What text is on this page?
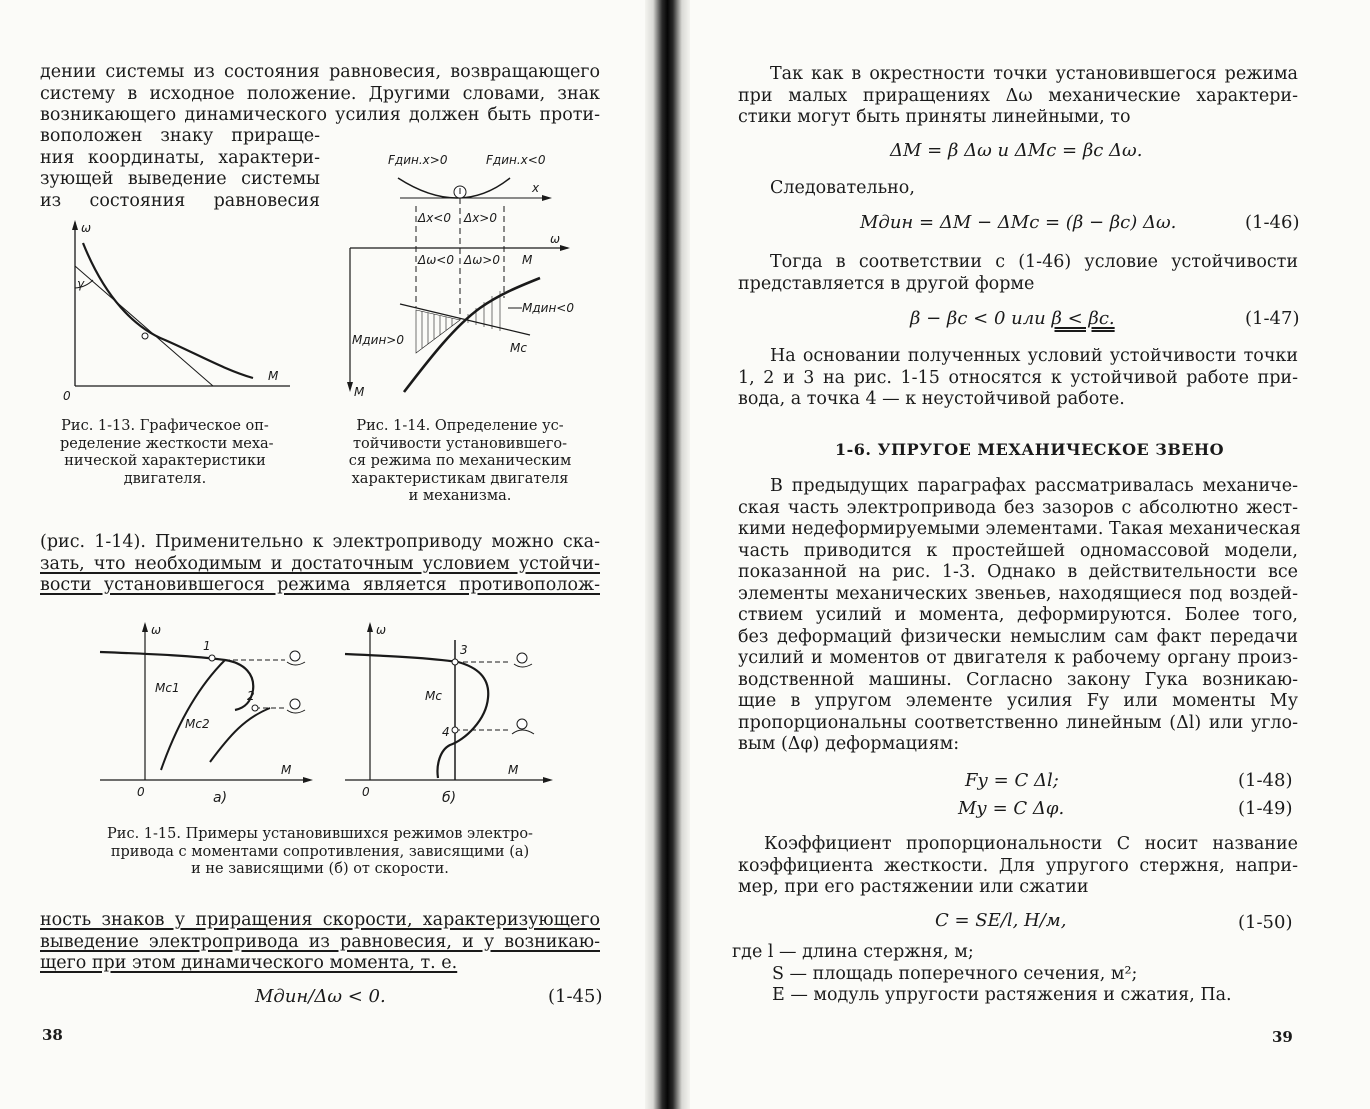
дении системы из состояния равновесия, возвращающего
систему в исходное положение. Другими словами, знак
возникающего динамического усилия должен быть проти-
воположен знаку прираще-
ния координаты, характери-
зующей выведение системы
из состояния равновесия
ω
M
0
γ
Рис. 1-13. Графическое оп-
ределение жесткости меха-
нической характеристики
двигателя.
Fдин.x>0	Fдин.x<0
x
Δx<0 Δx>0
ω
M
Δω<0 Δω>0 M
Mдин<0
Mдин>0
Mс
Рис. 1-14. Определение ус-
тойчивости установившего-
ся режима по механическим
характеристикам двигателя
и механизма.
(рис. 1-14). Применительно к электроприводу можно ска-
зать, что необходимым и достаточным условием устойчи-
вости установившегося режима является противополож-
ω
M
0
1
2
Mс1
Mс2
а)
ω
M
0
3
4
Mс
б)
Рис. 1-15. Примеры установившихся режимов электро-
привода с моментами сопротивления, зависящими (а)
и не зависящими (б) от скорости.
ность знаков у приращения скорости, характеризующего
выведение электропривода из равновесия, и у возникаю-
щего при этом динамического момента, т. е.
Mдин/Δω < 0.	(1-45)
38
Так как в окрестности точки установившегося режима
при малых приращениях Δω механические характери-
стики могут быть приняты линейными, то
ΔM = β Δω и ΔMс = βс Δω.
Следовательно,
Mдин = ΔM − ΔMс = (β − βс) Δω.	(1-46)
Тогда в соответствии с (1-46) условие устойчивости
представляется в другой форме
β − βс < 0 или β < βс.	(1-47)
На основании полученных условий устойчивости точки
1, 2 и 3 на рис. 1-15 относятся к устойчивой работе при-
вода, а точка 4 — к неустойчивой работе.
1-6. УПРУГОЕ МЕХАНИЧЕСКОЕ ЗВЕНО
В предыдущих параграфах рассматривалась механиче-
ская часть электропривода без зазоров с абсолютно жест-
кими недеформируемыми элементами. Такая механическая
часть приводится к простейшей одномассовой модели,
показанной на рис. 1-3. Однако в действительности все
элементы механических звеньев, находящиеся под воздей-
ствием усилий и момента, деформируются. Более того,
без деформаций физически немыслим сам факт передачи
усилий и моментов от двигателя к рабочему органу произ-
водственной машины. Согласно закону Гука возникаю-
щие в упругом элементе усилия Fу или моменты Mу
пропорциональны соответственно линейным (Δl) или угло-
вым (Δφ) деформациям:
Fу = C Δl;	(1-48)
Mу = C Δφ.	(1-49)
Коэффициент пропорциональности C носит название
коэффициента жесткости. Для упругого стержня, напри-
мер, при его растяжении или сжатии
C = SE/l, Н/м,	(1-50)
где l — длина стержня, м;
S — площадь поперечного сечения, м²;
E — модуль упругости растяжения и сжатия, Па.
39
